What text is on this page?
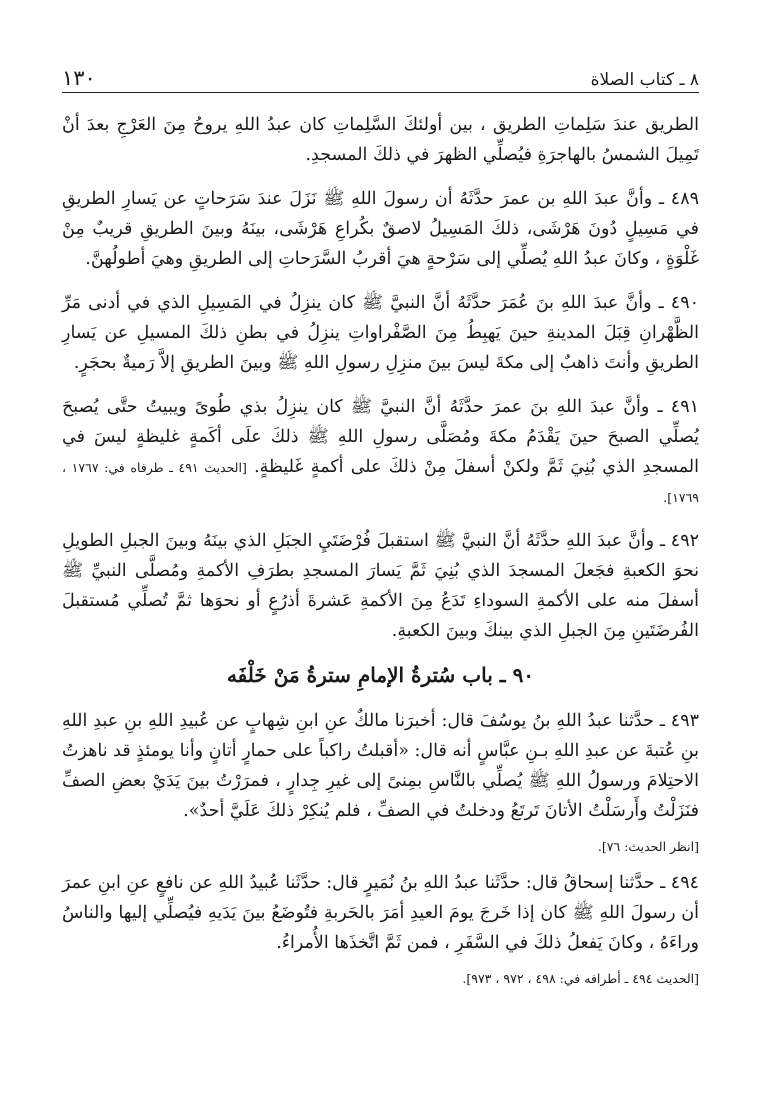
١٣٠	٨ ـ كتاب الصلاة

الطريق عندَ سَلِماتِ الطريق ، بين أولئكَ السَّلِماتِ كان عبدُ اللهِ يروحُ مِنَ العَرْجِ بعدَ أنْ تَمِيلَ الشمسُ بالهاجرَةِ فيُصلِّي الظهرَ في ذلكَ المسجدِ.

٤٨٩ ـ وأنَّ عبدَ اللهِ بن عمرَ حدَّثَهُ أن رسولَ اللهِ ﷺ نَزَلَ عندَ سَرَحاتٍ عن يَسارِ الطريقِ في مَسِيلٍ دُونَ هَرْشَى، ذلكَ المَسِيلُ لاصقٌ بكُراعِ هَرْشَى، بينَهُ وبينَ الطريقِ قريبٌ مِنْ غَلْوَةٍ ، وكانَ عبدُ اللهِ يُصلِّي إلى سَرْحةٍ هيَ أقربُ السَّرَحاتِ إلى الطريقِ وهيَ أطولُهنَّ.

٤٩٠ ـ وأنَّ عبدَ اللهِ بنَ عُمَرَ حدَّثَهُ أنَّ النبيَّ ﷺ كان ينزِلُ في المَسِيلِ الذي في أدنى مَرِّ الظَّهْرانِ قِبَلَ المدينةِ حينَ يَهبِطُ مِنَ الصَّفْراواتِ ينزِلُ في بطنِ ذلكَ المسيلِ عن يَسارِ الطريقِ وأنتَ ذاهبٌ إلى مكةَ ليسَ بينَ منزِلِ رسولِ اللهِ ﷺ وبينَ الطريقِ إلاَّ رَميةٌ بحجَرٍ.

٤٩١ ـ وأنَّ عبدَ اللهِ بنَ عمرَ حدَّثَهُ أنَّ النبيَّ ﷺ كان ينزِلُ بذي طُوىً ويبيتُ حتَّى يُصبحَ يُصلِّي الصبحَ حينَ يَقْدَمُ مكةَ ومُصَلَّى رسولِ اللهِ ﷺ ذلكَ علَى أكَمةٍ غليظةٍ ليسَ في المسجدِ الذي بُنِيَ ثَمَّ ولكنْ أسفلَ مِنْ ذلكَ على أكمةٍ غَليظةٍ. [الحديث ٤٩١ ـ طرفاه في: ١٧٦٧ ، ١٧٦٩].

٤٩٢ ـ وأنَّ عبدَ اللهِ حدَّثَهُ أنَّ النبيَّ ﷺ استقبلَ فُرْضَتَيِ الجبَلِ الذي بينَهُ وبينَ الجبلِ الطويلِ نحوَ الكعبةِ فجَعلَ المسجدَ الذي بُنِيَ ثَمَّ يَسارَ المسجدِ بطرَفِ الأكمةِ ومُصلَّى النبيِّ ﷺ أسفلَ منه على الأكمةِ السوداءِ تَدَعُ مِنَ الأكمةِ عَشرةَ أذرُعٍ أو نحوَها ثمَّ تُصلِّي مُستقبلَ الفُرضَتَينِ مِنَ الجبلِ الذي بينكَ وبينَ الكعبةِ.

٩٠ ـ باب سُترةُ الإمامِ سترةُ مَنْ خَلْفَه

٤٩٣ ـ حدَّثنا عبدُ اللهِ بنُ يوسُفَ قال: أخبرَنا مالكٌ عنِ ابنِ شِهابٍ عن عُبيدِ اللهِ بنِ عبدِ اللهِ بنِ عُتبةَ عن عبدِ اللهِ بـنِ عبَّاسٍ أنه قال: «أقبلتُ راكباً على حمارٍ أتانٍ وأنا يومئذٍ قد ناهزتُ الاحتِلامَ ورسولُ اللهِ ﷺ يُصلِّي بالنَّاسِ بمِنىً إلى غيرِ جِدارٍ ، فمرَرْتُ بينَ يَدَيْ بعضِ الصفِّ فنَزَلْتُ وأَرسَلْتُ الأتانَ تَرتَعُ ودخلتُ في الصفِّ ، فلم يُنكِرْ ذلكَ عَلَيَّ أحدٌ».

[انظر الحديث: ٧٦].

٤٩٤ ـ حدَّثنا إسحاقُ قال: حدَّثَنا عبدُ اللهِ بنُ نُمَيرٍ قال: حدَّثَنا عُبيدُ اللهِ عن نافعٍ عنِ ابنِ عمرَ أن رسولَ اللهِ ﷺ كان إذا خَرجَ يومَ العيدِ أمَرَ بالحَربةِ فتُوضَعُ بينَ يَدَيهِ فيُصلِّي إليها والناسُ وراءَهُ ، وكانَ يَفعلُ ذلكَ في السَّفَرِ ، فمن ثَمَّ اتَّخذَها الأُمراءُ.

[الحديث ٤٩٤ ـ أطرافه في: ٤٩٨ ، ٩٧٢ ، ٩٧٣].
